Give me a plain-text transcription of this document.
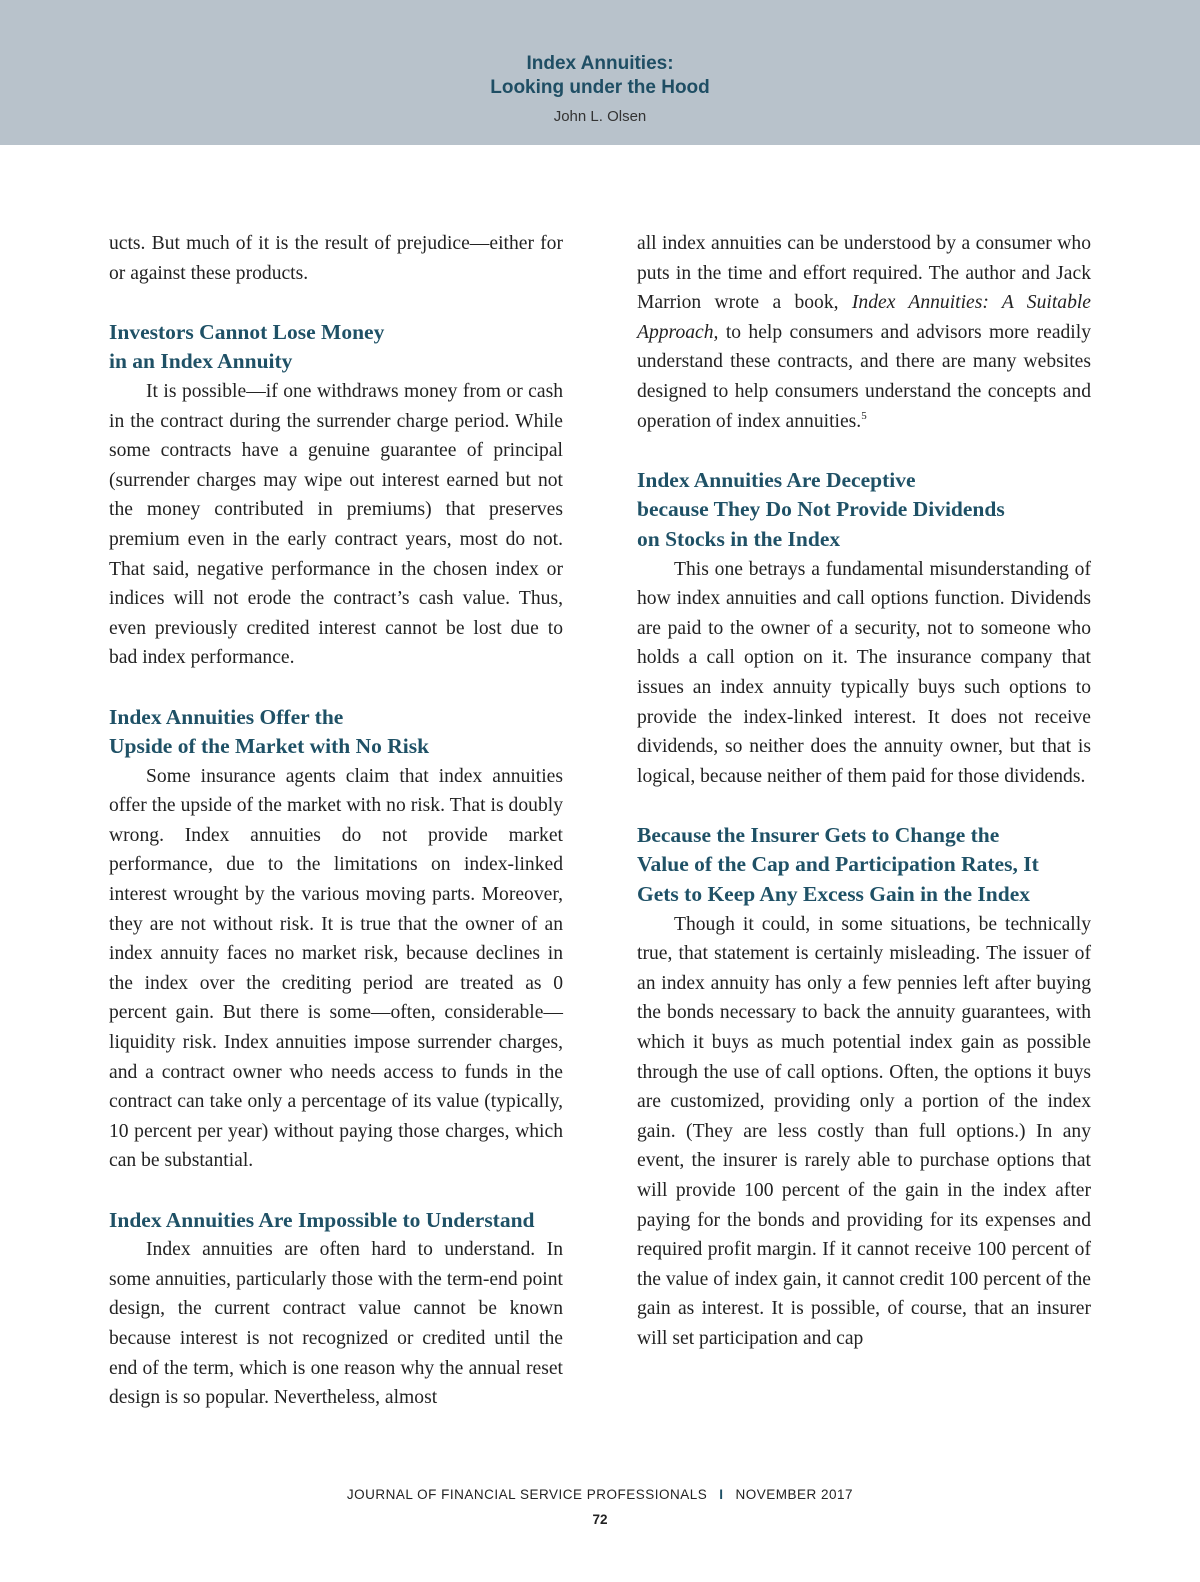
Index Annuities:
Looking under the Hood
John L. Olsen

ucts. But much of it is the result of prejudice—either for or against these products.

Investors Cannot Lose Money
in an Index Annuity

It is possible—if one withdraws money from or cash in the contract during the surrender charge period. While some contracts have a genuine guarantee of principal (surrender charges may wipe out interest earned but not the money contributed in premiums) that preserves premium even in the early contract years, most do not. That said, negative performance in the chosen index or indices will not erode the contract’s cash value. Thus, even previously credited interest cannot be lost due to bad index performance.

Index Annuities Offer the
Upside of the Market with No Risk

Some insurance agents claim that index annuities offer the upside of the market with no risk. That is doubly wrong. Index annuities do not provide market performance, due to the limitations on index-linked interest wrought by the various moving parts. Moreover, they are not without risk. It is true that the owner of an index annuity faces no market risk, because declines in the index over the crediting period are treated as 0 percent gain. But there is some—often, considerable—liquidity risk. Index annuities impose surrender charges, and a contract owner who needs access to funds in the contract can take only a percentage of its value (typically, 10 percent per year) without paying those charges, which can be substantial.

Index Annuities Are Impossible to Understand

Index annuities are often hard to understand. In some annuities, particularly those with the term-end point design, the current contract value cannot be known because interest is not recognized or credited until the end of the term, which is one reason why the annual reset design is so popular. Nevertheless, almost

all index annuities can be understood by a consumer who puts in the time and effort required. The author and Jack Marrion wrote a book, Index Annuities: A Suitable Approach, to help consumers and advisors more readily understand these contracts, and there are many websites designed to help consumers understand the concepts and operation of index annuities.$^5$

Index Annuities Are Deceptive
because They Do Not Provide Dividends
on Stocks in the Index

This one betrays a fundamental misunderstanding of how index annuities and call options function. Dividends are paid to the owner of a security, not to someone who holds a call option on it. The insurance company that issues an index annuity typically buys such options to provide the index-linked interest. It does not receive dividends, so neither does the annuity owner, but that is logical, because neither of them paid for those dividends.

Because the Insurer Gets to Change the
Value of the Cap and Participation Rates, It
Gets to Keep Any Excess Gain in the Index

Though it could, in some situations, be technically true, that statement is certainly misleading. The issuer of an index annuity has only a few pennies left after buying the bonds necessary to back the annuity guarantees, with which it buys as much potential index gain as possible through the use of call options. Often, the options it buys are customized, providing only a portion of the index gain. (They are less costly than full options.) In any event, the insurer is rarely able to purchase options that will provide 100 percent of the gain in the index after paying for the bonds and providing for its expenses and required profit margin. If it cannot receive 100 percent of the value of index gain, it cannot credit 100 percent of the gain as interest. It is possible, of course, that an insurer will set participation and cap

JOURNAL OF FINANCIAL SERVICE PROFESSIONALS I NOVEMBER 2017
72
